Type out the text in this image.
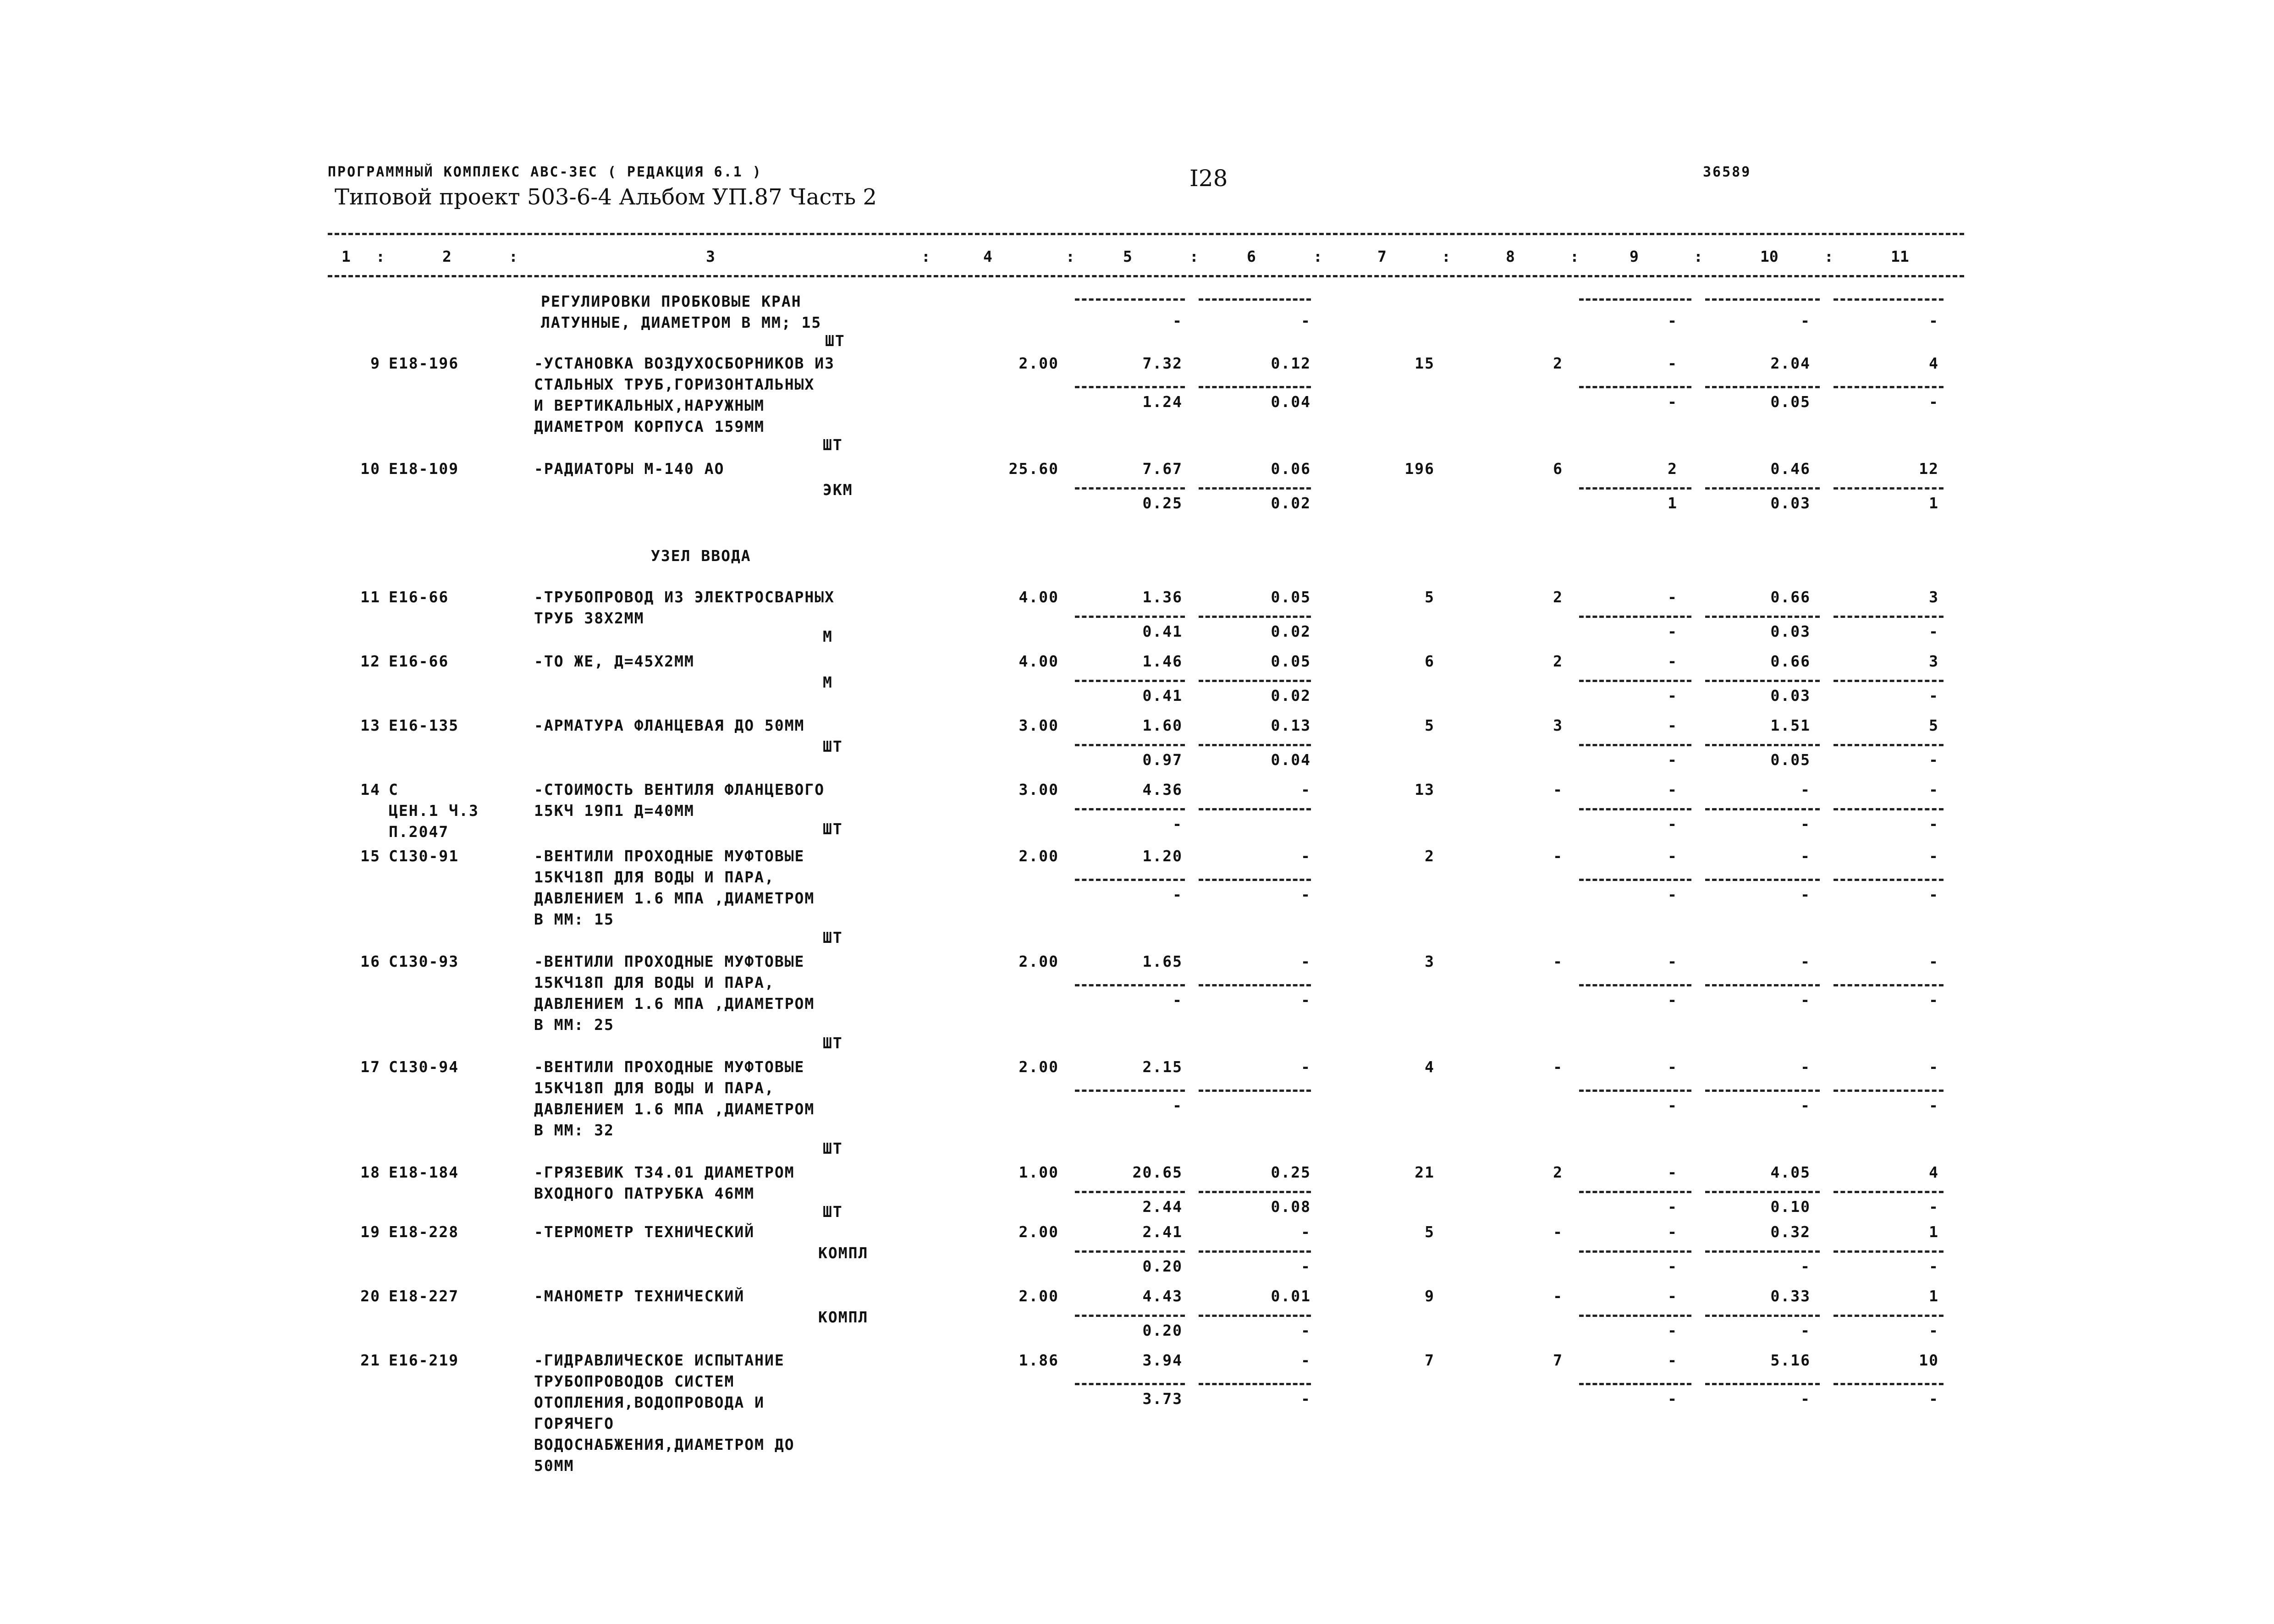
ПРОГРАММНЫЙ КОМПЛЕКС АВС-ЗЕС ( РЕДАКЦИЯ 6.1 )	I28	36589
Типовой проект 503-6-4 Альбом УП.87 Часть 2
1	2	3	4	5	6	7	8	9	10	11
:	:	:	:	:	:	:	:	:	:
РЕГУЛИРОВКИ ПРОБКОВЫЕ КРАН
ЛАТУННЫЕ, ДИАМЕТРОМ В ММ; 15
ШТ
-	-	-	-	-
9 Е18-196	-УСТАНОВКА ВОЗДУХОСБОРНИКОВ ИЗ
СТАЛЬНЫХ ТРУБ,ГОРИЗОНТАЛЬНЫХ
И ВЕРТИКАЛЬНЫХ,НАРУЖНЫМ
ДИАМЕТРОМ КОРПУСА 159ММ
ШТ
2.00	7.32	0.12	15	2	-	2.04	4
1.24	0.04	-	0.05	-
10 Е18-109	-РАДИАТОРЫ М-140 АО
ЭКМ
25.60	7.67	0.06	196	6	2	0.46	12
0.25	0.02	1	0.03	1
УЗЕЛ ВВОДА
11 Е16-66	-ТРУБОПРОВОД ИЗ ЭЛЕКТРОСВАРНЫХ
ТРУБ 38Х2ММ
М
4.00	1.36	0.05	5	2	-	0.66	3
0.41	0.02	-	0.03	-
12 Е16-66	-ТО ЖЕ, Д=45Х2ММ
М
4.00	1.46	0.05	6	2	-	0.66	3
0.41	0.02	-	0.03	-
13 Е16-135	-АРМАТУРА ФЛАНЦЕВАЯ ДО 50ММ
ШТ
3.00	1.60	0.13	5	3	-	1.51	5
0.97	0.04	-	0.05	-
14 С
ЦЕН.1 Ч.3
П.2047
-СТОИМОСТЬ ВЕНТИЛЯ ФЛАНЦЕВОГО
15КЧ 19П1 Д=40ММ
ШТ
3.00	4.36	-	13	-	-	-	-
-	-	-	-
15 С130-91	-ВЕНТИЛИ ПРОХОДНЫЕ МУФТОВЫЕ
15КЧ18П ДЛЯ ВОДЫ И ПАРА,
ДАВЛЕНИЕМ 1.6 МПА ,ДИАМЕТРОМ
В ММ: 15
ШТ
2.00	1.20	-	2	-	-	-	-
-	-	-	-	-
16 С130-93	-ВЕНТИЛИ ПРОХОДНЫЕ МУФТОВЫЕ
15КЧ18П ДЛЯ ВОДЫ И ПАРА,
ДАВЛЕНИЕМ 1.6 МПА ,ДИАМЕТРОМ
В ММ: 25
ШТ
2.00	1.65	-	3	-	-	-	-
-	-	-	-	-
17 С130-94	-ВЕНТИЛИ ПРОХОДНЫЕ МУФТОВЫЕ
15КЧ18П ДЛЯ ВОДЫ И ПАРА,
ДАВЛЕНИЕМ 1.6 МПА ,ДИАМЕТРОМ
В ММ: 32
ШТ
2.00	2.15	-	4	-	-	-	-
-	-	-	-
18 Е18-184	-ГРЯЗЕВИК Т34.01 ДИАМЕТРОМ
ВХОДНОГО ПАТРУБКА 46ММ
ШТ
1.00	20.65	0.25	21	2	-	4.05	4
2.44	0.08	-	0.10	-
19 Е18-228	-ТЕРМОМЕТР ТЕХНИЧЕСКИЙ
КОМПЛ
2.00	2.41	-	5	-	-	0.32	1
0.20	-	-	-	-
20 Е18-227	-МАНОМЕТР ТЕХНИЧЕСКИЙ
КОМПЛ
2.00	4.43	0.01	9	-	-	0.33	1
0.20	-	-	-	-
21 Е16-219	-ГИДРАВЛИЧЕСКОЕ ИСПЫТАНИЕ
ТРУБОПРОВОДОВ СИСТЕМ
ОТОПЛЕНИЯ,ВОДОПРОВОДА И
ГОРЯЧЕГО
ВОДОСНАБЖЕНИЯ,ДИАМЕТРОМ ДО
50ММ
1.86	3.94	-	7	7	-	5.16	10
3.73	-	-	-	-
